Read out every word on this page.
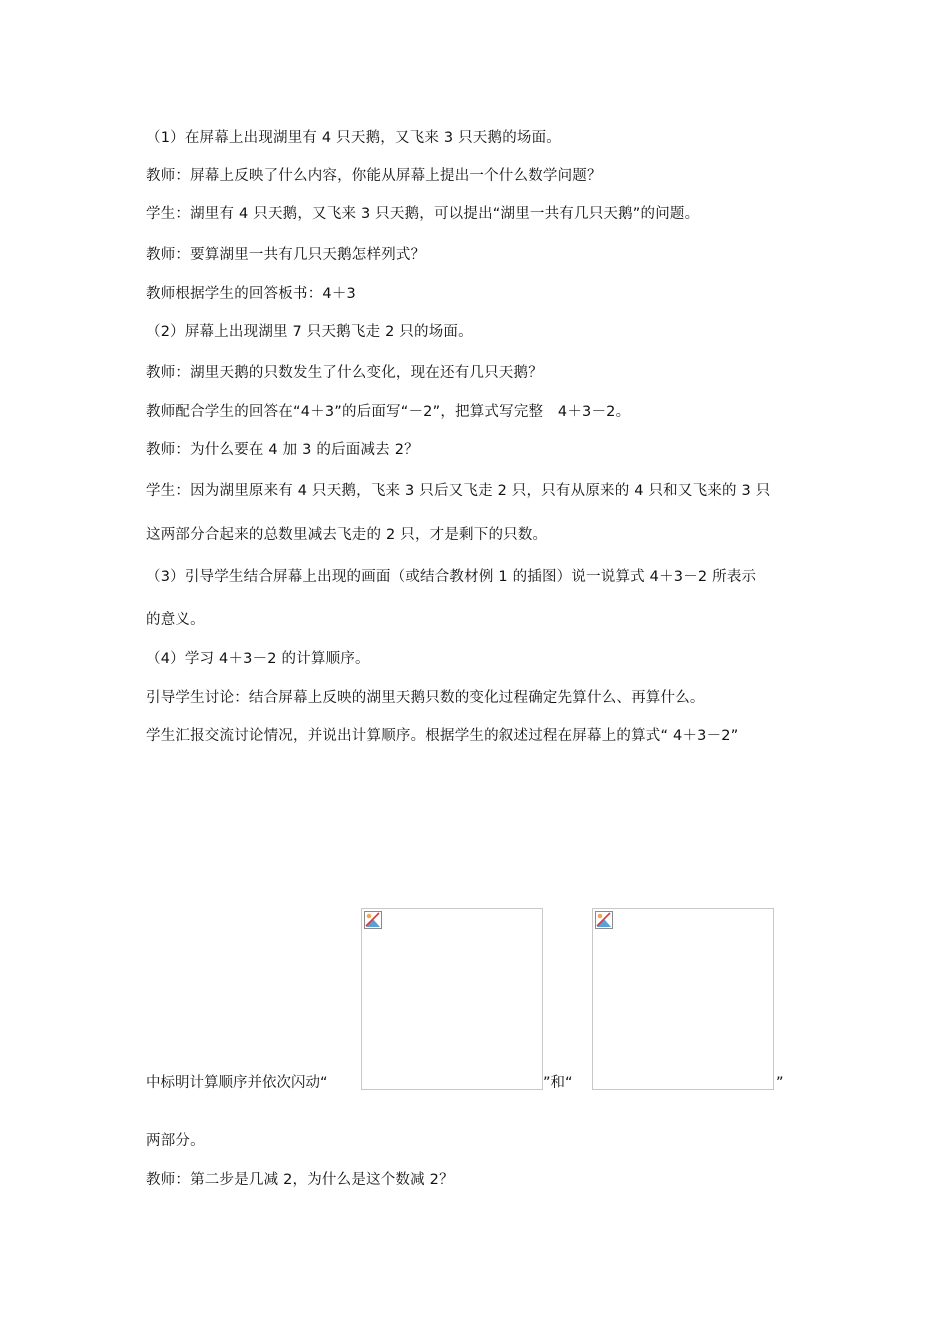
（1）在屏幕上出现湖里有 4 只天鹅，又飞来 3 只天鹅的场面。
教师：屏幕上反映了什么内容，你能从屏幕上提出一个什么数学问题？
学生：湖里有 4 只天鹅，又飞来 3 只天鹅，可以提出“湖里一共有几只天鹅”的问题。
教师：要算湖里一共有几只天鹅怎样列式？
教师根据学生的回答板书：4＋3
（2）屏幕上出现湖里 7 只天鹅飞走 2 只的场面。
教师：湖里天鹅的只数发生了什么变化，现在还有几只天鹅？
教师配合学生的回答在“4＋3”的后面写“－2”，把算式写完整　4＋3－2。
教师：为什么要在 4 加 3 的后面减去 2？
学生：因为湖里原来有 4 只天鹅，飞来 3 只后又飞走 2 只，只有从原来的 4 只和又飞来的 3 只
这两部分合起来的总数里减去飞走的 2 只，才是剩下的只数。
（3）引导学生结合屏幕上出现的画面（或结合教材例 1 的插图）说一说算式 4＋3－2 所表示
的意义。
（4）学习 4＋3－2 的计算顺序。
引导学生讨论：结合屏幕上反映的湖里天鹅只数的变化过程确定先算什么、再算什么。
学生汇报交流讨论情况，并说出计算顺序。根据学生的叙述过程在屏幕上的算式“ 4＋3－2”
中标明计算顺序并依次闪动“	”和“	”
两部分。
教师：第二步是几减 2，为什么是这个数减 2？
